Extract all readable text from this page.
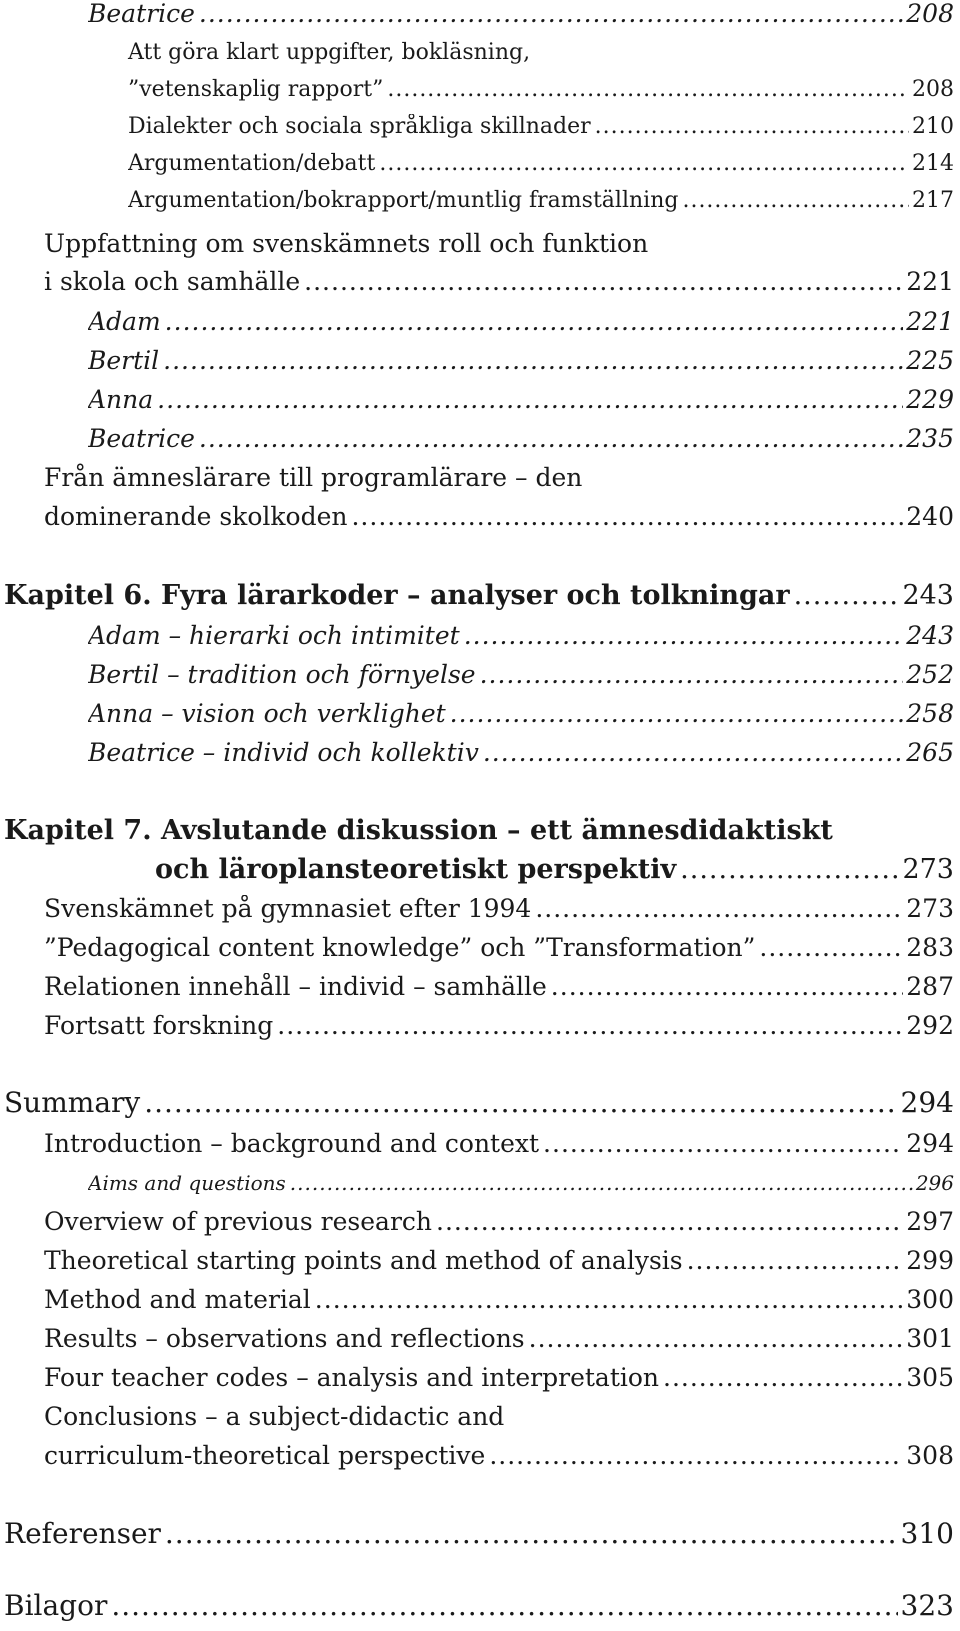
Beatrice .....	208
Att göra klart uppgifter, bokläsning,
”vetenskaplig rapport” .....	208
Dialekter och sociala språkliga skillnader .....	210
Argumentation/debatt .....	214
Argumentation/bokrapport/muntlig framställning .....	217
Uppfattning om svenskämnets roll och funktion
i skola och samhälle .....	221
Adam .....	221
Bertil .....	225
Anna .....	229
Beatrice .....	235
Från ämneslärare till programlärare – den
dominerande skolkoden .....	240
Kapitel 6. Fyra lärarkoder – analyser och tolkningar .....	243
Adam – hierarki och intimitet .....	243
Bertil – tradition och förnyelse .....	252
Anna – vision och verklighet .....	258
Beatrice – individ och kollektiv .....	265
Kapitel 7. Avslutande diskussion – ett ämnesdidaktiskt
och läroplansteoretiskt perspektiv .....	273
Svenskämnet på gymnasiet efter 1994 .....	273
”Pedagogical content knowledge” och ”Transformation” .....	283
Relationen innehåll – individ – samhälle .....	287
Fortsatt forskning .....	292
Summary .....	294
Introduction – background and context .....	294
Aims and questions .....	296
Overview of previous research .....	297
Theoretical starting points and method of analysis .....	299
Method and material .....	300
Results – observations and reflections .....	301
Four teacher codes – analysis and interpretation .....	305
Conclusions – a subject-didactic and
curriculum-theoretical perspective .....	308
Referenser .....	310
Bilagor .....	323
